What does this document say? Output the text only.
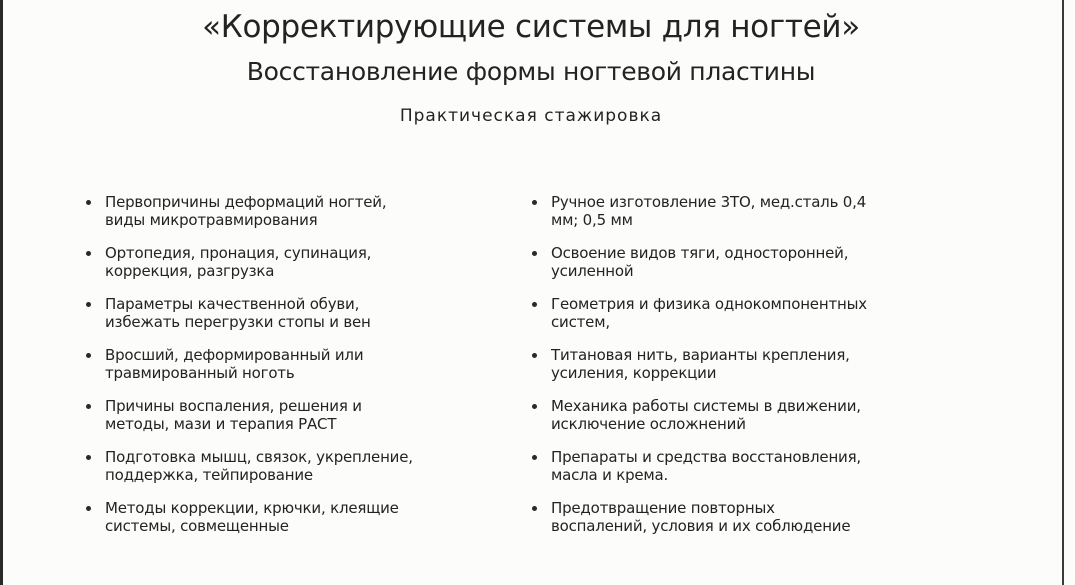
«Корректирующие системы для ногтей»
Восстановление формы ногтевой пластины

Практическая стажировка

Первопричины деформаций ногтей,
виды микротравмирования
Ортопедия, пронация, супинация,
коррекция, разгрузка
Параметры качественной обуви,
избежать перегрузки стопы и вен
Вросший, деформированный или
травмированный ноготь
Причины воспаления, решения и
методы, мази и терапия РАСТ
Подготовка мышц, связок, укрепление,
поддержка, тейпирование
Методы коррекции, крючки, клеящие
системы, совмещенные
Ручное изготовление 3ТО, мед.сталь 0,4
мм; 0,5 мм
Освоение видов тяги, односторонней,
усиленной
Геометрия и физика однокомпонентных
систем,
Титановая нить, варианты крепления,
усиления, коррекции
Механика работы системы в движении,
исключение осложнений
Препараты и средства восстановления,
масла и крема.
Предотвращение повторных
воспалений, условия и их соблюдение
